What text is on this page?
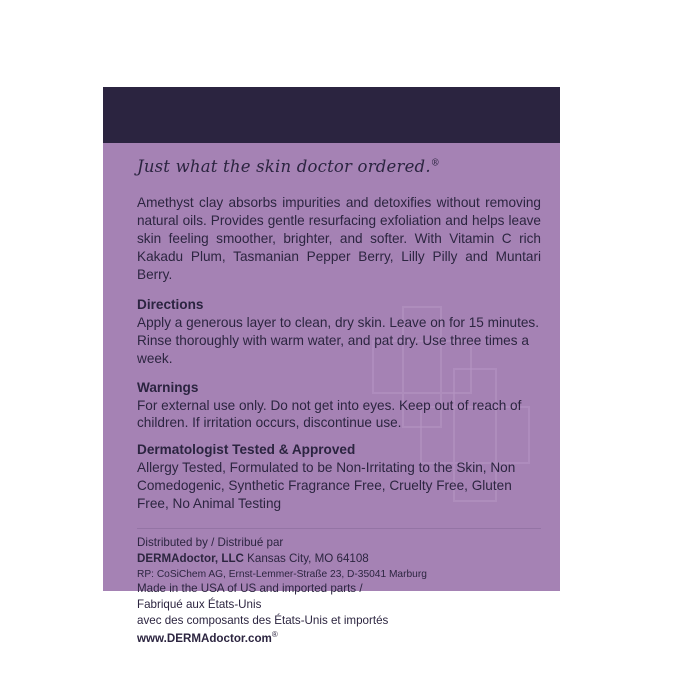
Just what the skin doctor ordered.®
Amethyst clay absorbs impurities and detoxifies without removing natural oils. Provides gentle resurfacing exfoliation and helps leave skin feeling smoother, brighter, and softer. With Vitamin C rich Kakadu Plum, Tasmanian Pepper Berry, Lilly Pilly and Muntari Berry.
Directions
Apply a generous layer to clean, dry skin. Leave on for 15 minutes. Rinse thoroughly with warm water, and pat dry. Use three times a week.
Warnings
For external use only. Do not get into eyes. Keep out of reach of children. If irritation occurs, discontinue use.
Dermatologist Tested & Approved
Allergy Tested, Formulated to be Non-Irritating to the Skin, Non Comedogenic, Synthetic Fragrance Free, Cruelty Free, Gluten Free, No Animal Testing
Distributed by / Distribué par
DERMAdoctor, LLC Kansas City, MO 64108
RP: CoSiChem AG, Ernst-Lemmer-Straße 23, D-35041 Marburg
Made in the USA of US and imported parts /
Fabriqué aux États-Unis
avec des composants des États-Unis et importés
www.DERMAdoctor.com®
